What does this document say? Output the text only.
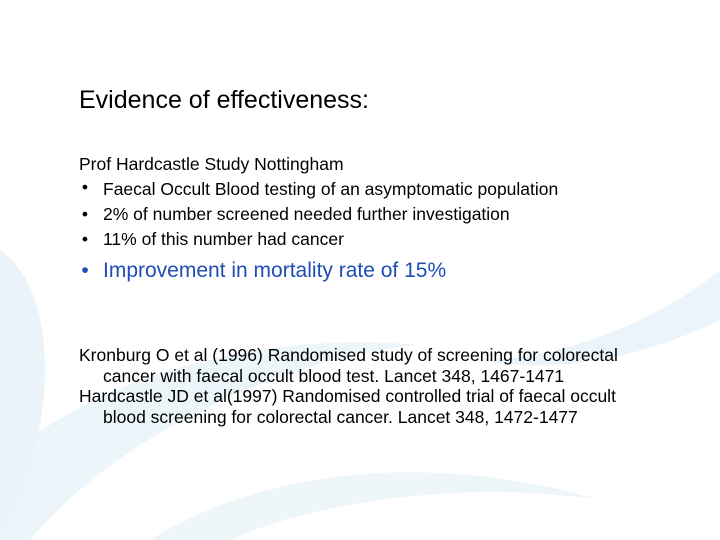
Evidence of effectiveness:
Prof Hardcastle Study Nottingham
• Faecal Occult Blood testing of an asymptomatic population
• 2% of number screened needed further investigation
• 11% of this number had cancer
• Improvement in mortality rate of 15%
Kronburg O et al (1996) Randomised study of screening for colorectal cancer with faecal occult blood test. Lancet 348, 1467-1471
Hardcastle JD et al(1997) Randomised controlled trial of faecal occult blood screening for colorectal cancer. Lancet 348, 1472-1477
